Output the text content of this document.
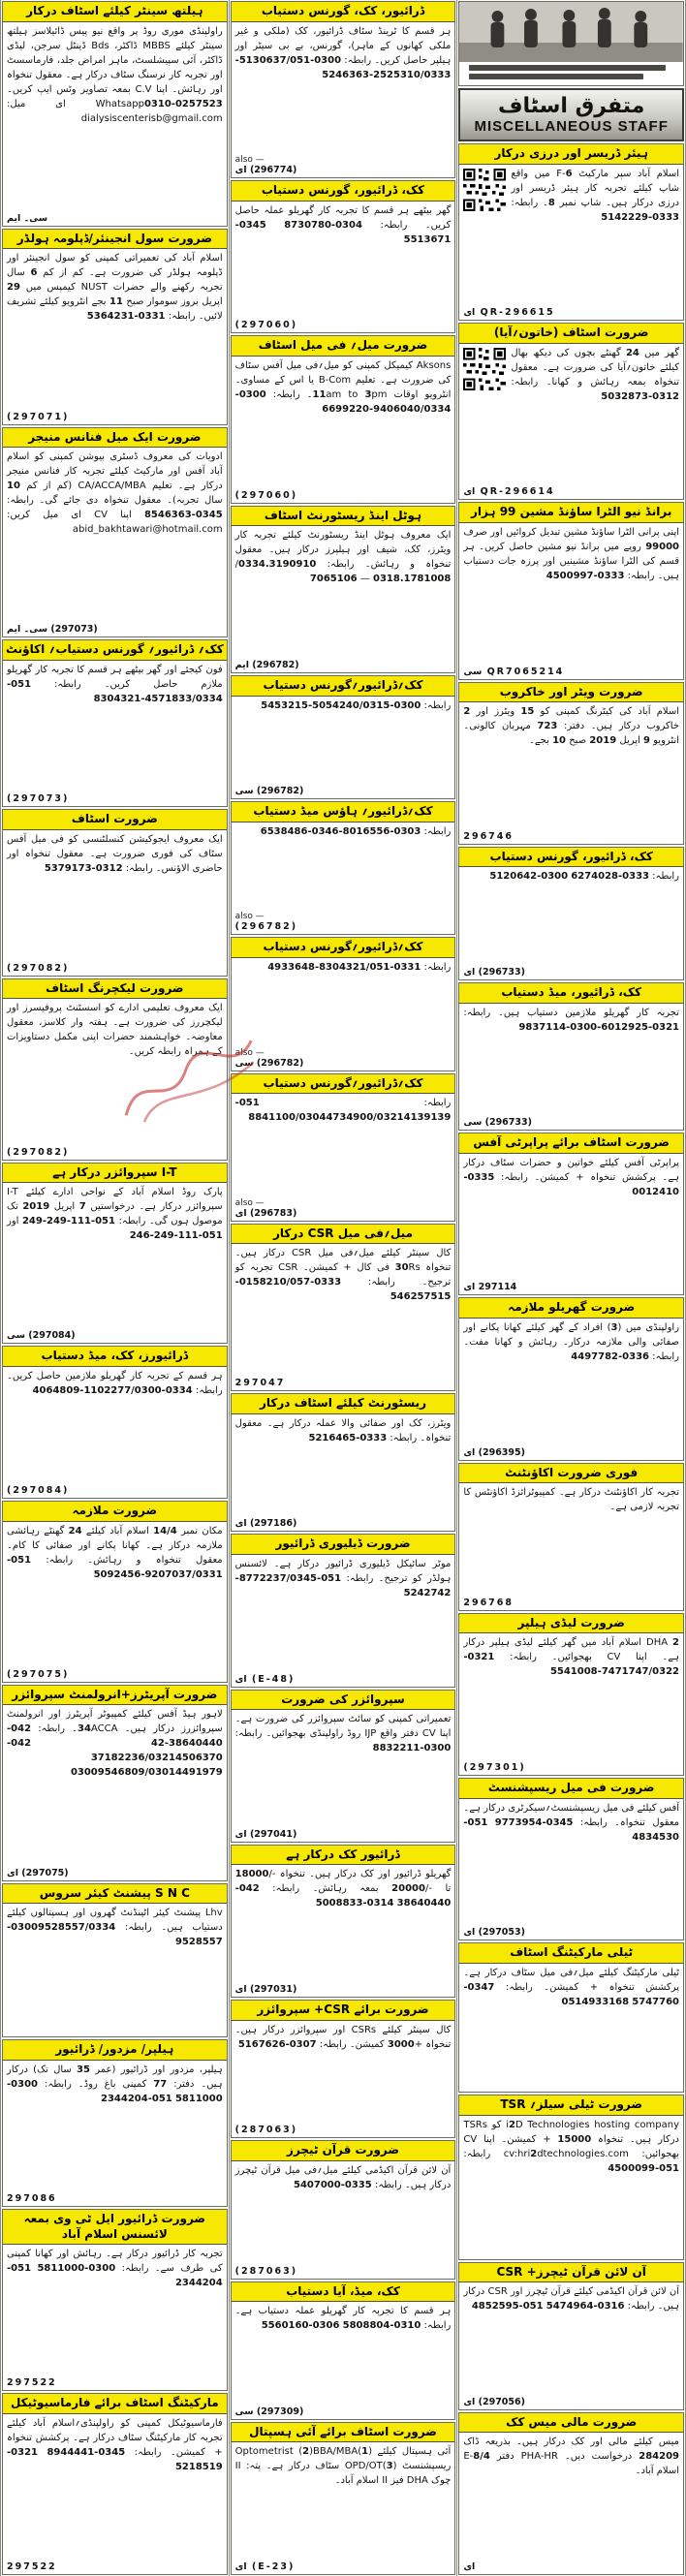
ہیلتھ سینٹر کیلئے اسٹاف درکار
راولپنڈی موری روڈ پر واقع نیو پیس ڈائیلاسز ہیلتھ سینٹر کیلئے MBBS ڈاکٹر، Bds ڈینٹل سرجن، لیڈی ڈاکٹر، آئی سپیشلسٹ، ماہر امراض جلد، فارماسسٹ اور تجربہ کار نرسنگ سٹاف درکار ہے۔ معقول تنخواہ اور رہائش۔ اپنا C.V بمعہ تصاویر وٹس ایپ کریں۔ Whatsapp0310-0257523 ای میل: dialysiscenterisb@gmail.com
سی۔ ایم
ضرورت سول انجینئر/ڈپلومہ ہولڈر
اسلام آباد کی تعمیراتی کمپنی کو سول انجینئر اور ڈپلومہ ہولڈر کی ضرورت ہے۔ کم از کم 6 سال تجربہ رکھنے والے حضرات NUST کیمپس میں 29 اپریل بروز سوموار صبح 11 بجے انٹرویو کیلئے تشریف لائیں۔ رابطہ: 0331-5364231
(297071)
ضرورت ایک میل فنانس منیجر
ادویات کی معروف ڈسٹری بیوشن کمپنی کو اسلام آباد آفس اور مارکیٹ کیلئے تجربہ کار فنانس منیجر درکار ہے۔ تعلیم CA/ACCA/MBA (کم از کم 10 سال تجربہ)۔ معقول تنخواہ دی جائے گی۔ رابطہ: 0345-8546363 اپنا CV ای میل کریں: abid_bakhtawari@hotmail.com
(297073) سی۔ ایم
کک؍ ڈرائیور؍ گورنس دستیاب؍ اکاؤنٹ
فون کیجئے اور گھر بیٹھے ہر قسم کا تجربہ کار گھریلو ملازم حاصل کریں۔ رابطہ: 051-4571833/0334-8304321
(297073)
ضرورت اسٹاف
ایک معروف ایجوکیشن کنسلٹنسی کو فی میل آفس سٹاف کی فوری ضرورت ہے۔ معقول تنخواہ اور حاضری الاؤنس۔ رابطہ: 0312-5379173
(297082)
ضرورت لیکچرنگ اسٹاف
ایک معروف تعلیمی ادارے کو اسسٹنٹ پروفیسرز اور لیکچررز کی ضرورت ہے۔ ہفتہ وار کلاسز، معقول معاوضہ۔ خواہشمند حضرات اپنی مکمل دستاویزات کے ہمراہ رابطہ کریں۔
(297082)
I-T سپروائزر درکار ہے
پارک روڈ اسلام آباد کے نواحی ادارے کیلئے I-T سپروائزر درکار ہے۔ درخواستیں 7 اپریل 2019 تک موصول ہوں گی۔ رابطہ: 051-111-249-249 اور 051-111-249-246
(297084) سی
ڈرائیورز، کک، میڈ دستیاب
ہر قسم کے تجربہ کار گھریلو ملازمین حاصل کریں۔ رابطہ: 0334-1102277/0300-4064809
(297084)
ضرورت ملازمہ
مکان نمبر 14/4 اسلام آباد کیلئے 24 گھنٹے رہائشی ملازمہ درکار ہے۔ کھانا پکانے اور صفائی کا کام۔ معقول تنخواہ و رہائش۔ رابطہ: 051-9207037/0331-5092456
(297075)
ضرورت آپریٹرز+انرولمنٹ سپروائزر
لاہور ہیڈ آفس کیلئے کمپیوٹر آپریٹرز اور انرولمنٹ سپروائزرز درکار ہیں۔ 34ACCA۔ رابطہ: 042-38640440-42 042-37182236/03214506370 03009546809/03014491979
(297075) ای
S N C پیشنٹ کیئر سروس
Lhv پیشنٹ کیئر اٹینڈنٹ گھروں اور ہسپتالوں کیلئے دستیاب ہیں۔ رابطہ: 03009528557/0334-9528557
ہیلپر/ مزدور/ ڈرائیور
ہیلپر، مزدور اور ڈرائیور (عمر 35 سال تک) درکار ہیں۔ دفتر: 77 کمپنی باغ روڈ۔ رابطہ: 0300-5811000 051-2344204
297086
ضرورت ڈرائیور ایل ٹی وی بمعہ لائسنس اسلام آباد
تجربہ کار ڈرائیور درکار ہے۔ رہائش اور کھانا کمپنی کی طرف سے۔ رابطہ: 0300-5811000 051-2344204
297522
مارکیٹنگ اسٹاف برائے فارماسیوٹیکل
فارماسیوٹیکل کمپنی کو راولپنڈی؍اسلام آباد کیلئے تجربہ کار مارکیٹنگ سٹاف درکار ہے۔ پرکشش تنخواہ + کمیشن۔ رابطہ: 0345-8944441 0321-5218519
297522
ڈرائیور، کک، گورنس دستیاب
ہر قسم کا ٹرینڈ سٹاف ڈرائیور، کک (ملکی و غیر ملکی کھانوں کے ماہر)، گورنس، بے بی سیٹر اور ہیلپر حاصل کریں۔ رابطہ: 0300-5130637/051-2525310/0333-5246363
also —
(296774) ای
کک، ڈرائیور، گورنس دستیاب
گھر بیٹھے ہر قسم کا تجربہ کار گھریلو عملہ حاصل کریں۔ رابطہ: 0304-8730780 0345-5513671
(297060)
ضرورت میل؍ فی میل اسٹاف
Aksons کیمیکل کمپنی کو میل؍فی میل آفس سٹاف کی ضرورت ہے۔ تعلیم B-Com یا اس کے مساوی۔ انٹرویو اوقات 11am to 3pm۔ رابطہ: 0300-9406040/0334-6699220
(297060)
ہوٹل اینڈ ریسٹورنٹ اسٹاف
ایک معروف ہوٹل اینڈ ریسٹورنٹ کیلئے تجربہ کار ویٹرز، کک، شیف اور ہیلپرز درکار ہیں۔ معقول تنخواہ و رہائش۔ رابطہ: 0334.3190910/ 0318.1781008 — 7065106
(296782) ایم
کک؍ڈرائیور؍گورنس دستیاب
رابطہ: 0300-5054240/0315-5453215
(296782) سی
کک؍ڈرائیور؍ ہاؤس میڈ دستیاب
رابطہ: 0303-8016556-0346-6538486
also —
(296782)
کک؍ڈرائیور؍گورنس دستیاب
رابطہ: 0331-8304321/051-4933648
also —
(296782) سی
کک؍ڈرائیور؍گورنس دستیاب
رابطہ: 051-8841100/03044734900/03214139139
also —
(296783) ای
میل؍فی میل CSR درکار
کال سینٹر کیلئے میل؍فی میل CSR درکار ہیں۔ تنخواہ 30Rs فی کال + کمیشن۔ CSR تجربہ کو ترجیح۔ رابطہ: 0333-0158210/057-546257515
297047
ریسٹورنٹ کیلئے اسٹاف درکار
ویٹرز، کک اور صفائی والا عملہ درکار ہے۔ معقول تنخواہ۔ رابطہ: 0333-5216465
(297186) ای
ضرورت ڈیلیوری ڈرائیور
موٹر سائیکل ڈیلیوری ڈرائیور درکار ہے۔ لائسنس ہولڈر کو ترجیح۔ رابطہ: 051-8772237/0345-5242742
(E-48) ای
سپروائزر کی ضرورت
تعمیراتی کمپنی کو سائٹ سپروائزر کی ضرورت ہے۔ اپنا CV دفتر واقع IJP روڈ راولپنڈی بھجوائیں۔ رابطہ: 0300-8832211
(297041) ای
ڈرائیور کک درکار ہے
گھریلو ڈرائیور اور کک درکار ہیں۔ تنخواہ -/18000 تا -/20000 بمعہ رہائش۔ رابطہ: 042-38640440 0314-5008833
(297031) ای
ضرورت برائے CSR+ سپروائزر
کال سینٹر کیلئے CSRs اور سپروائزر درکار ہیں۔ تنخواہ +3000 کمیشن۔ رابطہ: 0307-5167626
(287063)
ضرورت قرآن ٹیچرز
آن لائن قرآن اکیڈمی کیلئے میل؍فی میل قرآن ٹیچرز درکار ہیں۔ رابطہ: 0335-5407000
(287063)
کک، میڈ، آیا دستیاب
ہر قسم کا تجربہ کار گھریلو عملہ دستیاب ہے۔ رابطہ: 0310-5808804 0306-5560160
(297309) سی
ضرورت اسٹاف برائے آئی ہسپتال
آئی ہسپتال کیلئے (1)Optometrist (2)BBA/MBA ریسپشنسٹ (3)OPD/OT سٹاف درکار ہے۔ پتہ: II چوک DHA فیز II اسلام آباد۔
(E-23) ای
متفرق اسٹاف
MISCELLANEOUS STAFF
ہیئر ڈریسر اور درزی درکار
اسلام آباد سپر مارکیٹ F-6 میں واقع شاپ کیلئے تجربہ کار ہیئر ڈریسر اور درزی درکار ہیں۔ شاپ نمبر 8۔ رابطہ: 0333-5142229
QR-296615 ای
ضرورت اسٹاف (خاتون؍آیا)
گھر میں 24 گھنٹے بچوں کی دیکھ بھال کیلئے خاتون؍آیا کی ضرورت ہے۔ معقول تنخواہ بمعہ رہائش و کھانا۔ رابطہ: 0312-5032873
QR-296614 ای
برانڈ نیو الٹرا ساؤنڈ مشین 99 ہزار
اپنی پرانی الٹرا ساؤنڈ مشین تبدیل کروائیں اور صرف 99000 روپے میں برانڈ نیو مشین حاصل کریں۔ ہر قسم کی الٹرا ساؤنڈ مشینیں اور پرزہ جات دستیاب ہیں۔ رابطہ: 0333-4500997
QR7065214 سی
ضرورت ویٹر اور خاکروب
اسلام آباد کی کیٹرنگ کمپنی کو 15 ویٹرز اور 2 خاکروب درکار ہیں۔ دفتر: 723 مہربان کالونی۔ انٹرویو 9 اپریل 2019 صبح 10 بجے۔
296746
کک، ڈرائیور، گورنس دستیاب
رابطہ: 0333-6274028 0300-5120642
(296733) ای
کک، ڈرائیور، میڈ دستیاب
تجربہ کار گھریلو ملازمین دستیاب ہیں۔ رابطہ: 0321-6012925-0300-9837114
(296733) سی
ضرورت اسٹاف برائے پراپرٹی آفس
پراپرٹی آفس کیلئے خواتین و حضرات سٹاف درکار ہے۔ پرکشش تنخواہ + کمیشن۔ رابطہ: 0335-0012410
297114 ای
ضرورت گھریلو ملازمہ
راولپنڈی میں (3) افراد کے گھر کیلئے کھانا پکانے اور صفائی والی ملازمہ درکار۔ رہائش و کھانا مفت۔ رابطہ: 0336-4497782
(296395) ای
فوری ضرورت اکاؤنٹنٹ
تجربہ کار اکاؤنٹنٹ درکار ہے۔ کمپیوٹرائزڈ اکاؤنٹس کا تجربہ لازمی ہے۔
296768
ضرورت لیڈی ہیلپر
2 DHA اسلام آباد میں گھر کیلئے لیڈی ہیلپر درکار ہے۔ اپنا CV بھجوائیں۔ رابطہ: 0321-7471747/0322-5541008
(297301)
ضرورت فی میل ریسپشنسٹ
آفس کیلئے فی میل ریسپشنسٹ؍سیکرٹری درکار ہے۔ معقول تنخواہ۔ رابطہ: 0345-9773954 051-4834530
(297053) ای
ٹیلی مارکیٹنگ اسٹاف
ٹیلی مارکیٹنگ کیلئے میل؍فی میل سٹاف درکار ہے۔ پرکشش تنخواہ + کمیشن۔ رابطہ: 0347-5747760 0514933168
ضرورت ٹیلی سیلز؍ TSR
i2D Technologies hosting company کو TSRs درکار ہیں۔ تنخواہ 15000 + کمیشن۔ اپنا CV بھجوائیں: cv:hri2dtechnologies.com رابطہ: 051-4500099
آن لائن قرآن ٹیچرز+ CSR
آن لائن قرآن اکیڈمی کیلئے قرآن ٹیچرز اور CSR درکار ہیں۔ رابطہ: 0316-5474964 051-4852595
(297056) ای
ضرورت مالی میس کک
میس کیلئے مالی اور کک درکار ہیں۔ بذریعہ ڈاک 284209 درخواست دیں۔ PHA-HR دفتر E-8/4 اسلام آباد۔
ای
